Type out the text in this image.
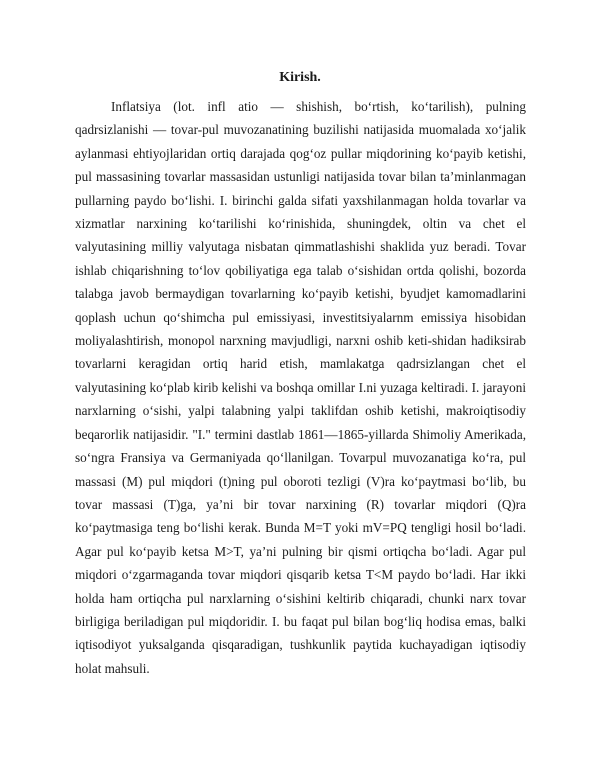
Kirish.

Inflatsiya (lot. infl atio — shishish, bo‘rtish, ko‘tarilish), pulning qadrsizlanishi — tovar-pul muvozanatining buzilishi natijasida muomalada xo‘jalik aylanmasi ehtiyojlaridan ortiq darajada qog‘oz pullar miqdorining ko‘payib ketishi, pul massasining tovarlar massasidan ustunligi natijasida tovar bilan ta’minlanmagan pullarning paydo bo‘lishi. I. birinchi galda sifati yaxshilanmagan holda tovarlar va xizmatlar narxining ko‘tarilishi ko‘rinishida, shuningdek, oltin va chet el valyutasining milliy valyutaga nisbatan qimmatlashishi shaklida yuz beradi. Tovar ishlab chiqarishning to‘lov qobiliyatiga ega talab o‘sishidan ortda qolishi, bozorda talabga javob bermaydigan tovarlarning ko‘payib ketishi, byudjet kamomadlarini qoplash uchun qo‘shimcha pul emissiyasi, investitsiyalarnm emissiya hisobidan moliyalashtirish, monopol narxning mavjudligi, narxni oshib keti-shidan hadiksirab tovarlarni keragidan ortiq harid etish, mamlakatga qadrsizlangan chet el valyutasining ko‘plab kirib kelishi va boshqa omillar I.ni yuzaga keltiradi. I. jarayoni narxlarning o‘sishi, yalpi talabning yalpi taklifdan oshib ketishi, makroiqtisodiy beqarorlik natijasidir. "I." termini dastlab 1861—1865-yillarda Shimoliy Amerikada, so‘ngra Fransiya va Germaniyada qo‘llanilgan. Tovarpul muvozanatiga ko‘ra, pul massasi (M) pul miqdori (t)ning pul oboroti tezligi (V)ra ko‘paytmasi bo‘lib, bu tovar massasi (T)ga, ya’ni bir tovar narxining (R) tovarlar miqdori (Q)ra ko‘paytmasiga teng bo‘lishi kerak. Bunda M=T yoki mV=PQ tengligi hosil bo‘ladi. Agar pul ko‘payib ketsa M>T, ya’ni pulning bir qismi ortiqcha bo‘ladi. Agar pul miqdori o‘zgarmaganda tovar miqdori qisqarib ketsa T<M paydo bo‘ladi. Har ikki holda ham ortiqcha pul narxlarning o‘sishini keltirib chiqaradi, chunki narx tovar birligiga beriladigan pul miqdoridir. I. bu faqat pul bilan bog‘liq hodisa emas, balki iqtisodiyot yuksalganda qisqaradigan, tushkunlik paytida kuchayadigan iqtisodiy holat mahsuli.
